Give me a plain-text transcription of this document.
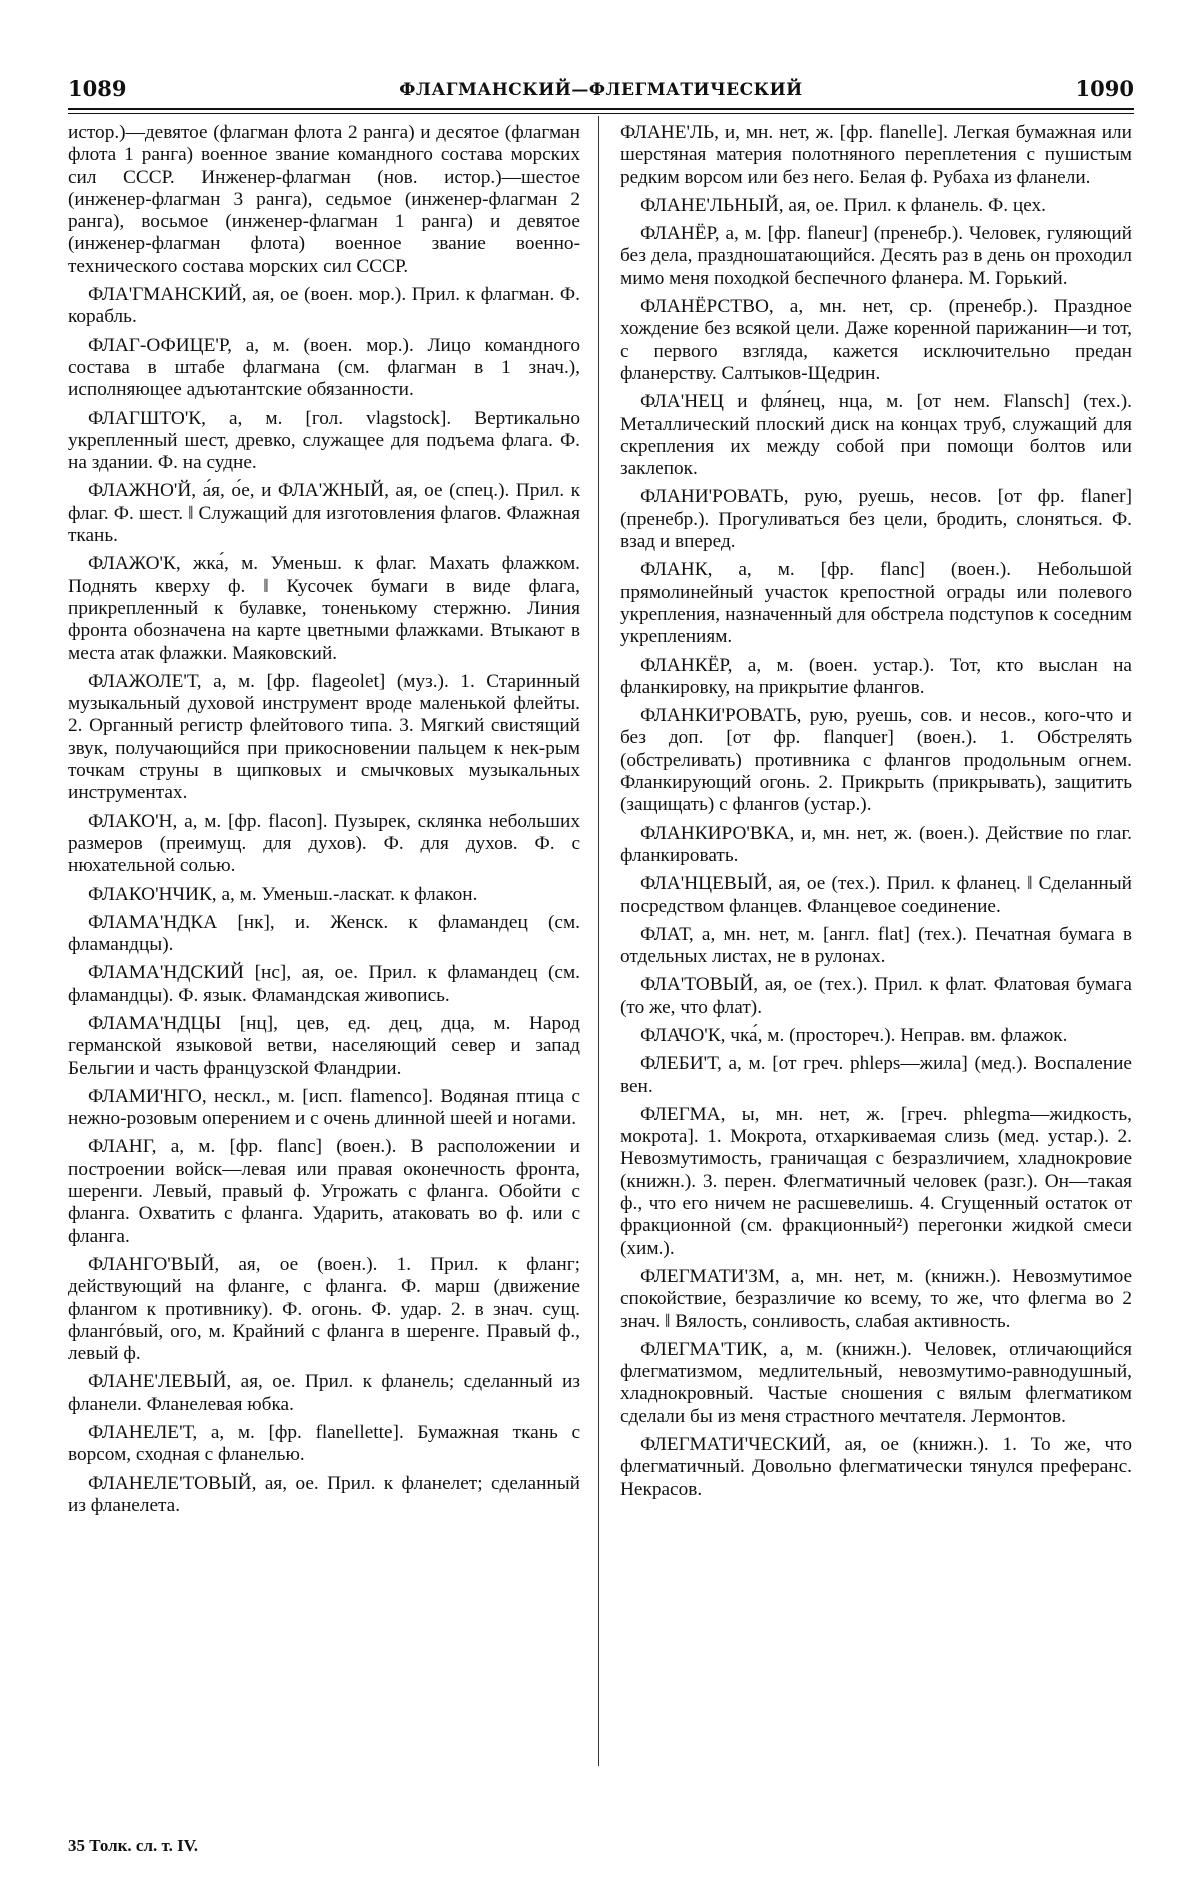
1089	ФЛАГМАНСКИЙ—ФЛЕГМАТИЧЕСКИЙ	1090

истор.)—девятое (флагман флота 2 ранга) и десятое (флагман флота 1 ранга) военное звание командного состава морских сил СССР. Инженер-флагман (нов. истор.)—шестое (инженер-флагман 3 ранга), седьмое (инженер-флагман 2 ранга), восьмое (инженер-флагман 1 ранга) и девятое (инженер-флагман флота) военное звание военно-технического состава морских сил СССР.

ФЛА'ГМАНСКИЙ, ая, ое (воен. мор.). Прил. к флагман. Ф. корабль.

ФЛАГ-ОФИЦЕ'Р, а, м. (воен. мор.). Лицо командного состава в штабе флагмана (см. флагман в 1 знач.), исполняющее адъютантские обязанности.

ФЛАГШТО'К, а, м. [гол. vlagstock]. Вертикально укрепленный шест, древко, служащее для подъема флага. Ф. на здании. Ф. на судне.

ФЛАЖНО'Й, а́я, о́е, и ФЛА'ЖНЫЙ, ая, ое (спец.). Прил. к флаг. Ф. шест. ‖ Служащий для изготовления флагов. Флажная ткань.

ФЛАЖО'К, жка́, м. Уменьш. к флаг. Махать флажком. Поднять кверху ф. ‖ Кусочек бумаги в виде флага, прикрепленный к булавке, тоненькому стержню. Линия фронта обозначена на карте цветными флажками. Втыкают в места атак флажки. Маяковский.

ФЛАЖОЛЕ'Т, а, м. [фр. flageolet] (муз.). 1. Старинный музыкальный духовой инструмент вроде маленькой флейты. 2. Органный регистр флейтового типа. 3. Мягкий свистящий звук, получающийся при прикосновении пальцем к нек-рым точкам струны в щипковых и смычковых музыкальных инструментах.

ФЛАКО'Н, а, м. [фр. flacon]. Пузырек, склянка небольших размеров (преимущ. для духов). Ф. для духов. Ф. с нюхательной солью.

ФЛАКО'НЧИК, а, м. Уменьш.-ласкат. к флакон.

ФЛАМА'НДКА [нк], и. Женск. к фламандец (см. фламандцы).

ФЛАМА'НДСКИЙ [нс], ая, ое. Прил. к фламандец (см. фламандцы). Ф. язык. Фламандская живопись.

ФЛАМА'НДЦЫ [нц], цев, ед. дец, дца, м. Народ германской языковой ветви, населяющий север и запад Бельгии и часть французской Фландрии.

ФЛАМИ'НГО, нескл., м. [исп. flamenco]. Водяная птица с нежно-розовым оперением и с очень длинной шеей и ногами.

ФЛАНГ, а, м. [фр. flanc] (воен.). В расположении и построении войск—левая или правая оконечность фронта, шеренги. Левый, правый ф. Угрожать с фланга. Обойти с фланга. Охватить с фланга. Ударить, атаковать во ф. или с фланга.

ФЛАНГО'ВЫЙ, ая, ое (воен.). 1. Прил. к фланг; действующий на фланге, с фланга. Ф. марш (движение флангом к противнику). Ф. огонь. Ф. удар. 2. в знач. сущ. флангóвый, ого, м. Крайний с фланга в шеренге. Правый ф., левый ф.

ФЛАНЕ'ЛЕВЫЙ, ая, ое. Прил. к фланель; сделанный из фланели. Фланелевая юбка.

ФЛАНЕЛЕ'Т, а, м. [фр. flanellette]. Бумажная ткань с ворсом, сходная с фланелью.

ФЛАНЕЛЕ'ТОВЫЙ, ая, ое. Прил. к фланелет; сделанный из фланелета.

ФЛАНЕ'ЛЬ, и, мн. нет, ж. [фр. flanelle]. Легкая бумажная или шерстяная материя полотняного переплетения с пушистым редким ворсом или без него. Белая ф. Рубаха из фланели.

ФЛАНЕ'ЛЬНЫЙ, ая, ое. Прил. к фланель. Ф. цех.

ФЛАНЁР, а, м. [фр. flaneur] (пренебр.). Человек, гуляющий без дела, праздношатающийся. Десять раз в день он проходил мимо меня походкой беспечного фланера. М. Горький.

ФЛАНЁРСТВО, а, мн. нет, ср. (пренебр.). Праздное хождение без всякой цели. Даже коренной парижанин—и тот, с первого взгляда, кажется исключительно предан фланерству. Салтыков-Щедрин.

ФЛА'НЕЦ и фля́нец, нца, м. [от нем. Flansch] (тех.). Металлический плоский диск на концах труб, служащий для скрепления их между собой при помощи болтов или заклепок.

ФЛАНИ'РОВАТЬ, рую, руешь, несов. [от фр. flaner] (пренебр.). Прогуливаться без цели, бродить, слоняться. Ф. взад и вперед.

ФЛАНК, а, м. [фр. flanc] (воен.). Небольшой прямолинейный участок крепостной ограды или полевого укрепления, назначенный для обстрела подступов к соседним укреплениям.

ФЛАНКЁР, а, м. (воен. устар.). Тот, кто выслан на фланкировку, на прикрытие флангов.

ФЛАНКИ'РОВАТЬ, рую, руешь, сов. и несов., кого-что и без доп. [от фр. flanquer] (воен.). 1. Обстрелять (обстреливать) противника с флангов продольным огнем. Фланкирующий огонь. 2. Прикрыть (прикрывать), защитить (защищать) с флангов (устар.).

ФЛАНКИРО'ВКА, и, мн. нет, ж. (воен.). Действие по глаг. фланкировать.

ФЛА'НЦЕВЫЙ, ая, ое (тех.). Прил. к фланец. ‖ Сделанный посредством фланцев. Фланцевое соединение.

ФЛАТ, а, мн. нет, м. [англ. flat] (тех.). Печатная бумага в отдельных листах, не в рулонах.

ФЛА'ТОВЫЙ, ая, ое (тех.). Прил. к флат. Флатовая бумага (то же, что флат).

ФЛАЧО'К, чка́, м. (простореч.). Неправ. вм. флажок.

ФЛЕБИ'Т, а, м. [от греч. phleps—жила] (мед.). Воспаление вен.

ФЛЕГМА, ы, мн. нет, ж. [греч. phlegma—жидкость, мокрота]. 1. Мокрота, отхаркиваемая слизь (мед. устар.). 2. Невозмутимость, граничащая с безразличием, хладнокровие (книжн.). 3. перен. Флегматичный человек (разг.). Он—такая ф., что его ничем не расшевелишь. 4. Сгущенный остаток от фракционной (см. фракционный²) перегонки жидкой смеси (хим.).

ФЛЕГМАТИ'ЗМ, а, мн. нет, м. (книжн.). Невозмутимое спокойствие, безразличие ко всему, то же, что флегма во 2 знач. ‖ Вялость, сонливость, слабая активность.

ФЛЕГМА'ТИК, а, м. (книжн.). Человек, отличающийся флегматизмом, медлительный, невозмутимо-равнодушный, хладнокровный. Частые сношения с вялым флегматиком сделали бы из меня страстного мечтателя. Лермонтов.

ФЛЕГМАТИ'ЧЕСКИЙ, ая, ое (книжн.). 1. То же, что флегматичный. Довольно флегматически тянулся преферанс. Некрасов.

35 Толк. сл. т. IV.
